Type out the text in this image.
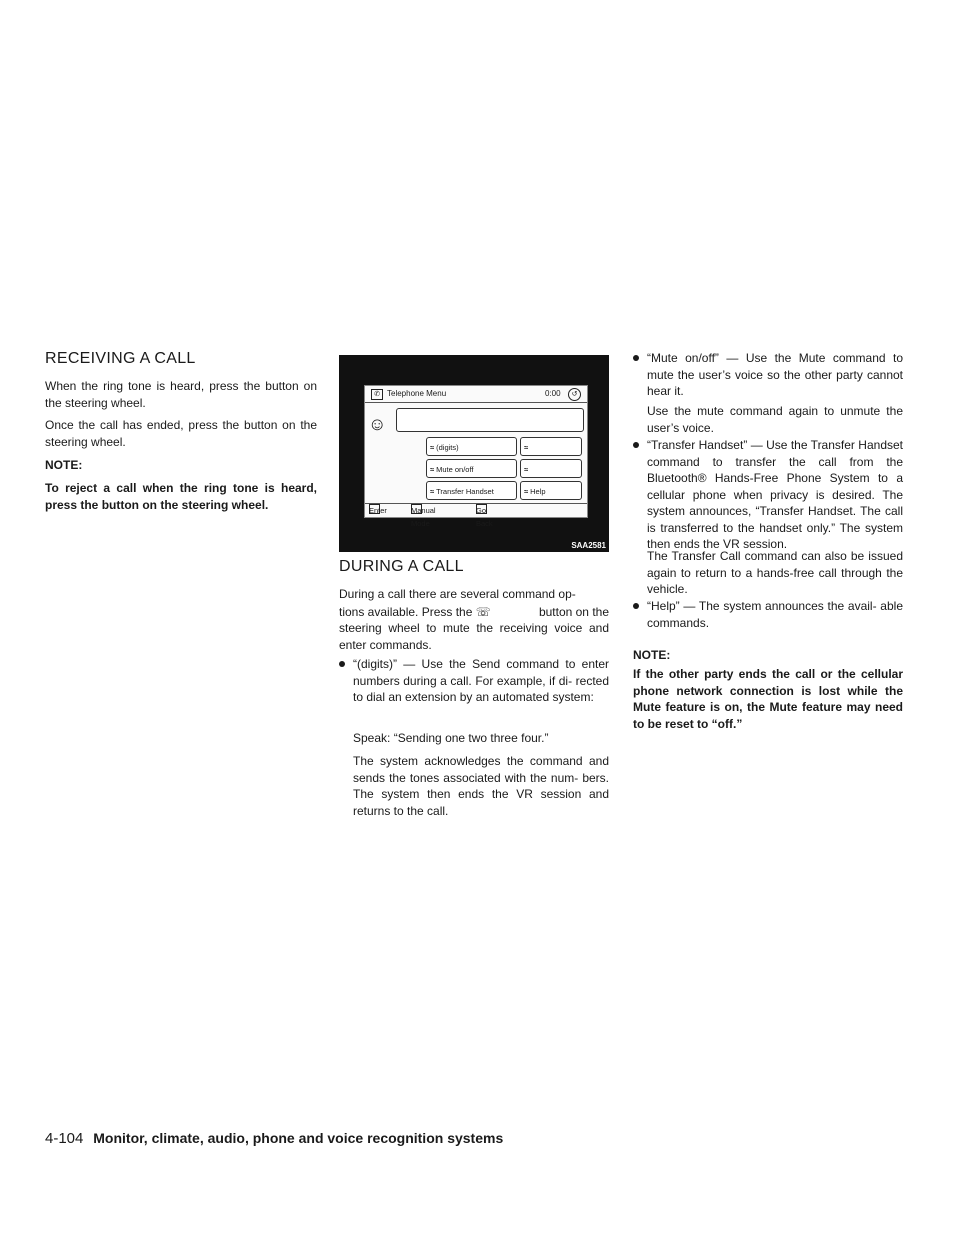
RECEIVING A CALL

When the ring tone is heard, press the button on the steering wheel.

Once the call has ended, press the button on the steering wheel.

NOTE:

To reject a call when the ring tone is heard, press the button on the steering wheel.

✆ Telephone Menu	0:00	↺
☺
≈ (digits)	≈
≈ Mute on/off	≈
≈ Transfer Handset	≈ Help
Enter	Manual Mode
Go Back
SAA2581
DURING A CALL

During a call there are several command op-

tions available. Press the ☏	button on the

steering wheel to mute the receiving voice and enter commands.

“(digits)” — Use the Send command to enter numbers during a call. For example, if di- rected to dial an extension by an automated system:

Speak: “Sending one two three four.”

The system acknowledges the command and sends the tones associated with the num- bers. The system then ends the VR session and returns to the call.

“Mute on/off” — Use the Mute command to mute the user’s voice so the other party cannot hear it.

Use the mute command again to unmute the user’s voice.

“Transfer Handset” — Use the Transfer Handset command to transfer the call from the Bluetooth® Hands-Free Phone System to a cellular phone when privacy is desired. The system announces, “Transfer Handset. The call is transferred to the handset only.” The system then ends the VR session.

The Transfer Call command can also be issued again to return to a hands-free call through the vehicle.

“Help” — The system announces the avail- able commands.

NOTE:

If the other party ends the call or the cellular phone network connection is lost while the Mute feature is on, the Mute feature may need to be reset to “off.”

4-104 Monitor, climate, audio, phone and voice recognition systems
